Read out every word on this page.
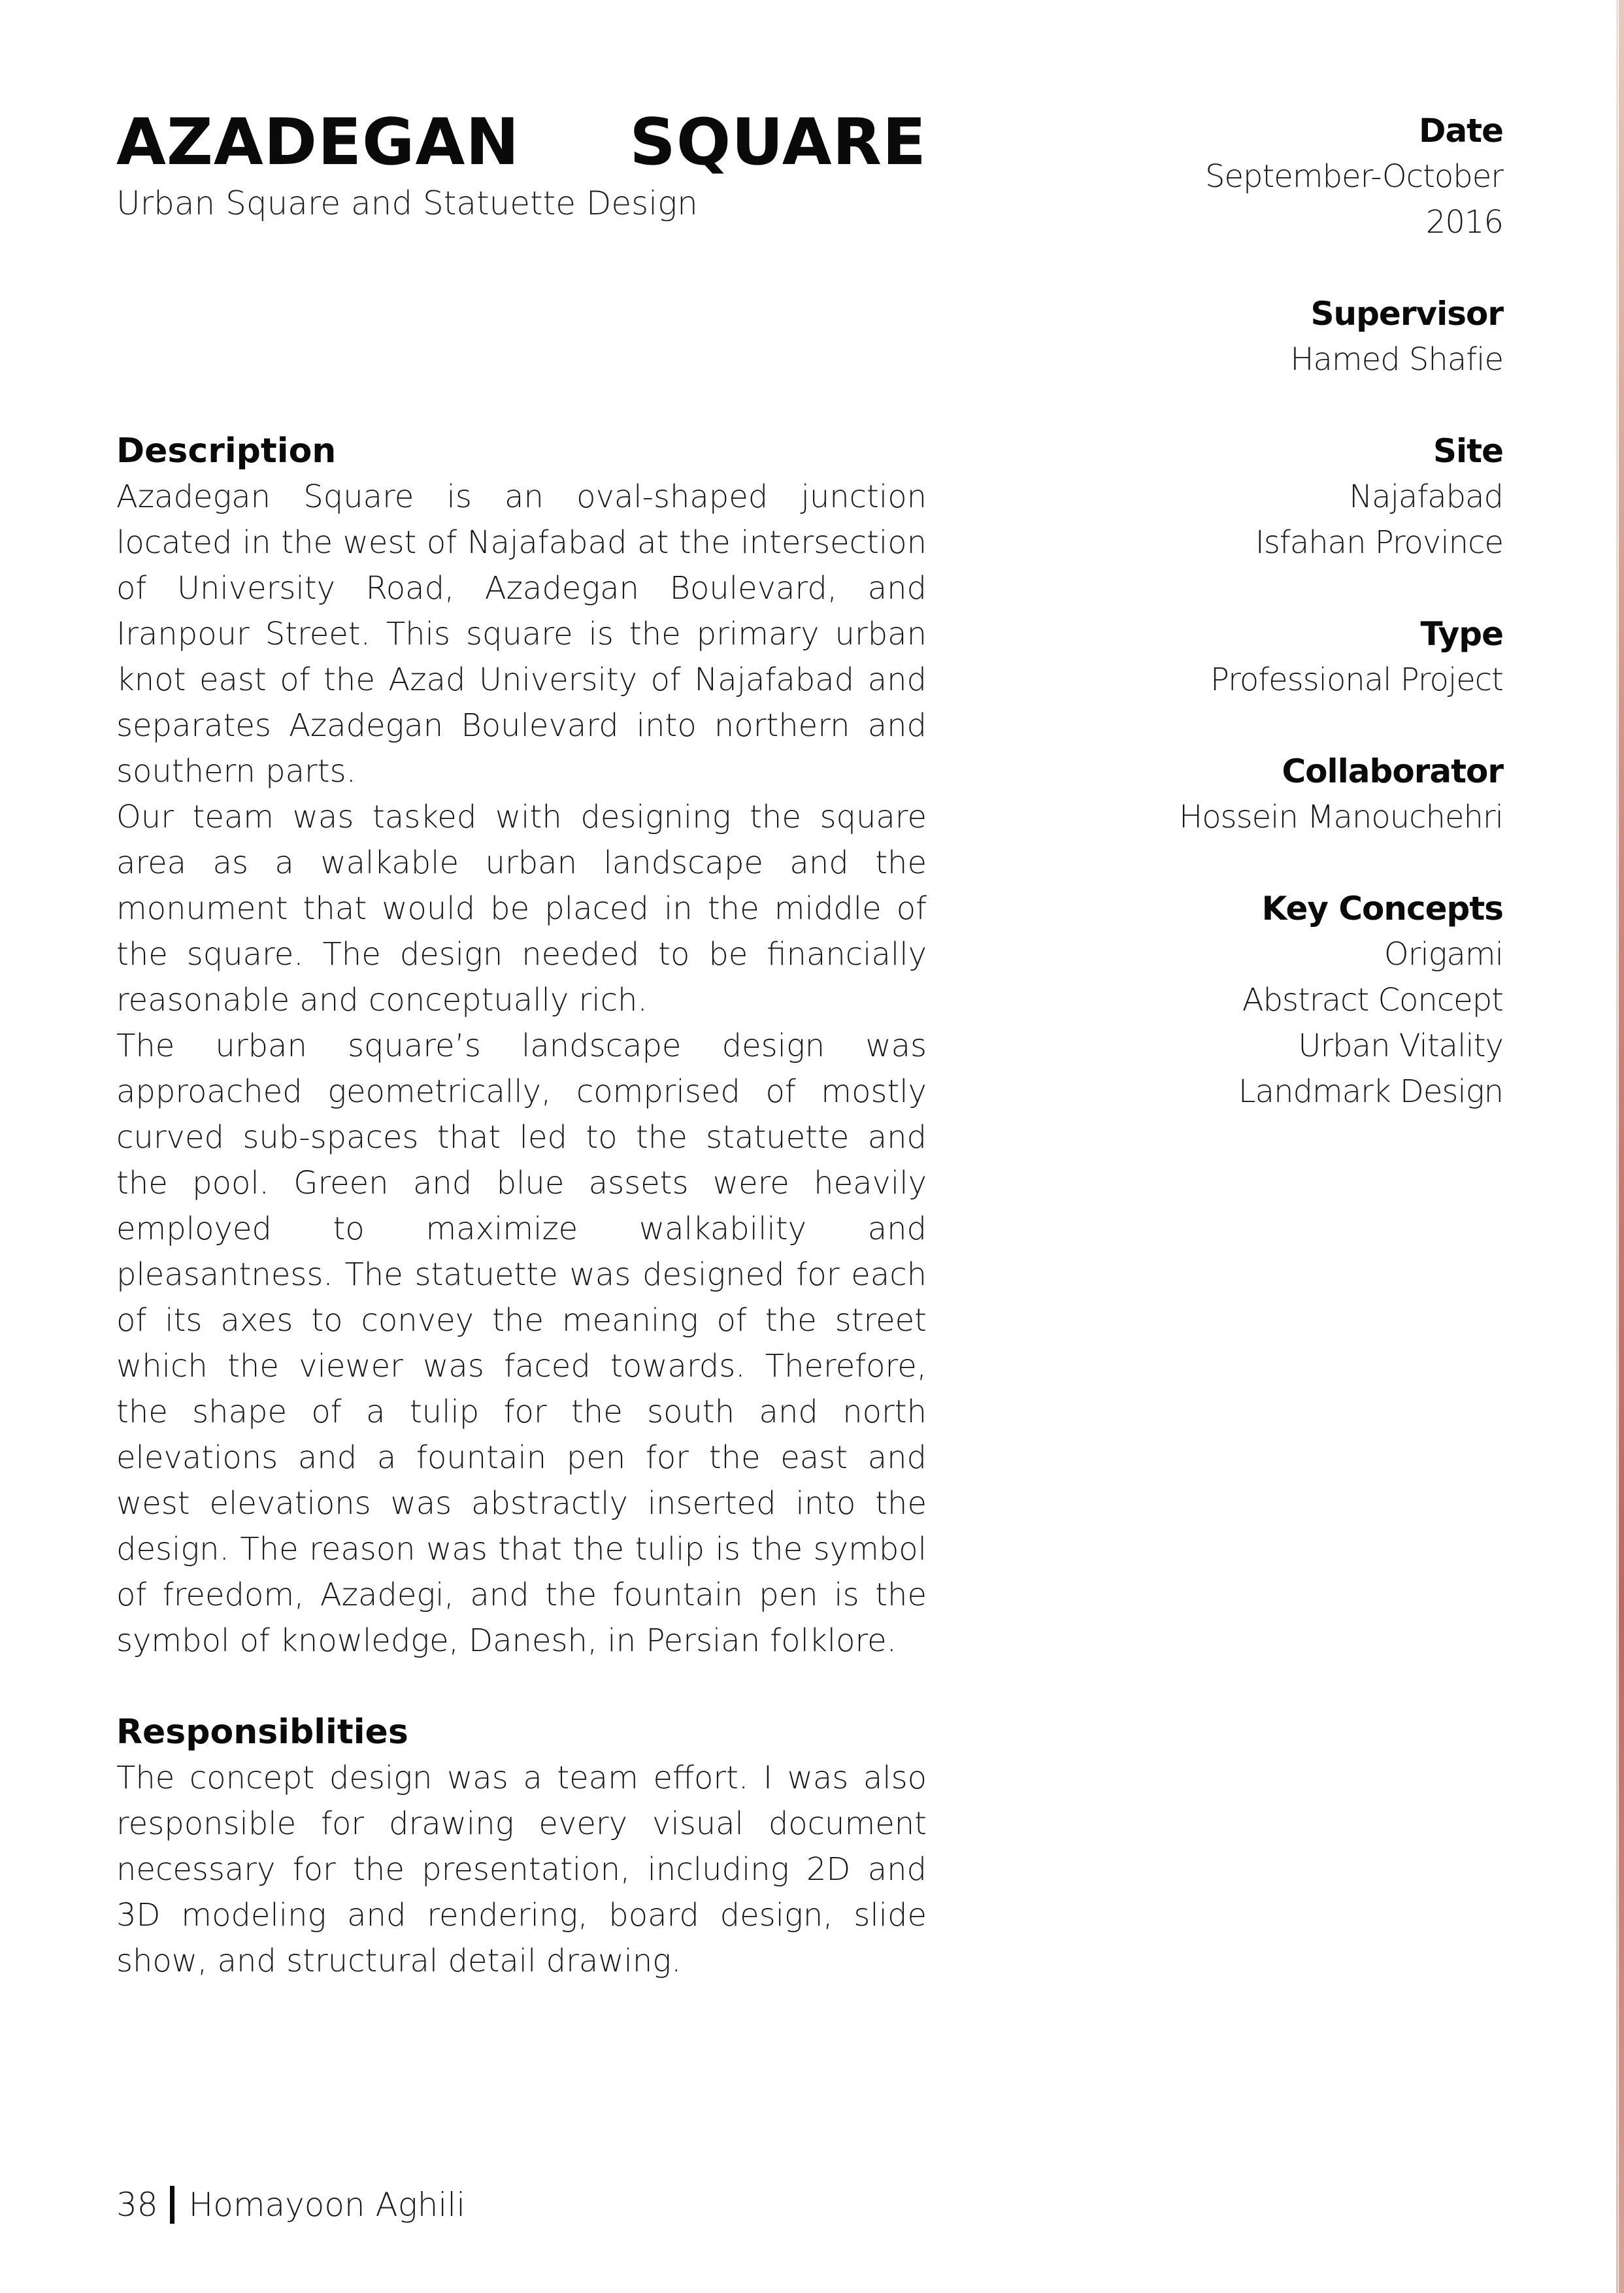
AZADEGAN SQUARE

Urban Square and Statuette Design

Date

September-October

2016

Supervisor

Hamed Shafie

Site

Najafabad

Isfahan Province

Type

Professional Project

Collaborator

Hossein Manouchehri

Key Concepts

Origami

Abstract Concept

Urban Vitality

Landmark Design

Description

Azadegan Square is an oval-shaped junction located in the west of Najafabad at the intersection of University Road, Azadegan Boulevard, and Iranpour Street. This square is the primary urban knot east of the Azad University of Najafabad and separates Azadegan Boulevard into northern and southern parts.

Our team was tasked with designing the square area as a walkable urban landscape and the monument that would be placed in the middle of the square. The design needed to be financially reasonable and conceptually rich.

The urban square’s landscape design was approached geometrically, comprised of mostly curved sub-spaces that led to the statuette and the pool. Green and blue assets were heavily employed to maximize walkability and pleasantness. The statuette was designed for each of its axes to convey the meaning of the street which the viewer was faced towards. Therefore, the shape of a tulip for the south and north elevations and a fountain pen for the east and west elevations was abstractly inserted into the design. The reason was that the tulip is the symbol of freedom, Azadegi, and the fountain pen is the symbol of knowledge, Danesh, in Persian folklore.

Responsiblities

The concept design was a team effort. I was also responsible for drawing every visual document necessary for the presentation, including 2D and 3D modeling and rendering, board design, slide show, and structural detail drawing.

38 Homayoon Aghili
